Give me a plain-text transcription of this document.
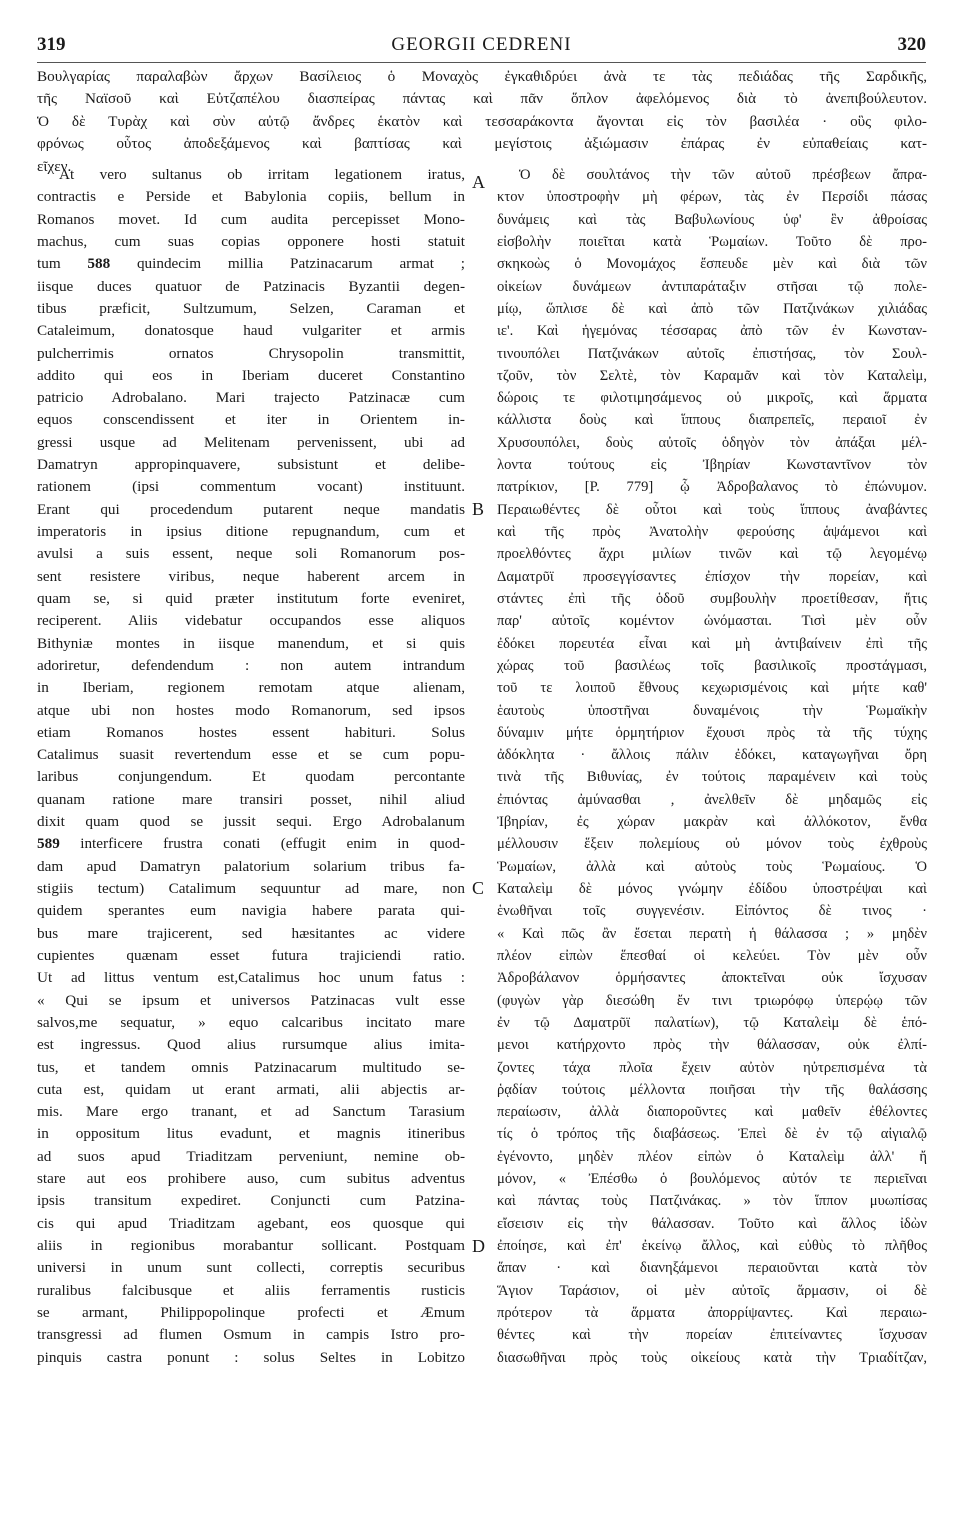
319	GEORGII CEDRENI	320
Βουλγαρίας παραλαβὼν ἄρχων Βασίλειος ὁ Μοναχὸς ἐγκαθιδρύει ἀνὰ τε τὰς πεδιάδας τῆς Σαρδικῆς,
τῆς Ναϊσοῦ καὶ Εὐτζαπέλου διασπείρας πάντας καὶ πᾶν ὅπλον ἀφελόμενος διὰ τὸ ἀνεπιβούλευτον.
Ὁ δὲ Τυρὰχ καὶ σὺν αὐτῷ ἄνδρες ἑκατὸν καὶ τεσσαράκοντα ἄγονται εἰς τὸν βασιλέα · οὓς φιλο-
φρόνως οὗτος ἀποδεξάμενος καὶ βαπτίσας καὶ μεγίστοις ἀξιώμασιν ἐπάρας ἐν εὐπαθείαις κατ-
εῖχεν.
At vero sultanus ob irritam legationem iratus,
contractis e Perside et Babylonia copiis, bellum in
Romanos movet. Id cum audita percepisset Mono-
machus, cum suas copias opponere hosti statuit
tum 588 quindecim millia Patzinacarum armat ;
iisque duces quatuor de Patzinacis Byzantii degen-
tibus præficit, Sultzumum, Selzen, Caraman et
Cataleimum, donatosque haud vulgariter et armis
pulcherrimis ornatos Chrysopolin transmittit,
addito qui eos in Iberiam duceret Constantino
patricio Adrobalano. Mari trajecto Patzinacæ cum
equos conscendissent et iter in Orientem in-
gressi usque ad Melitenam pervenissent, ubi ad
Damatryn appropinquavere, subsistunt et delibe-
rationem (ipsi commentum vocant) instituunt.
Erant qui procedendum putarent neque mandatis
imperatoris in ipsius ditione repugnandum, cum et
avulsi a suis essent, neque soli Romanorum pos-
sent resistere viribus, neque haberent arcem in
quam se, si quid præter institutum forte eveniret,
reciperent. Aliis videbatur occupandos esse aliquos
Bithyniæ montes in iisque manendum, et si quis
adoriretur, defendendum : non autem intrandum
in Iberiam, regionem remotam atque alienam,
atque ubi non hostes modo Romanorum, sed ipsos
etiam Romanos hostes essent habituri. Solus
Catalimus suasit revertendum esse et se cum popu-
laribus conjungendum. Et quodam percontante
quanam ratione mare transiri posset, nihil aliud
dixit quam quod se jussit sequi. Ergo Adrobalanum
589 interficere frustra conati (effugit enim in quod-
dam apud Damatryn palatorium solarium tribus fa-
stigiis tectum) Catalimum sequuntur ad mare, non
quidem sperantes eum navigia habere parata qui-
bus mare trajicerent, sed hæsitantes ac videre
cupientes quænam esset futura trajiciendi ratio.
Ut ad littus ventum est,Catalimus hoc unum fatus :
« Qui se ipsum et universos Patzinacas vult esse
salvos,me sequatur, » equo calcaribus incitato mare
est ingressus. Quod alius rursumque alius imita-
tus, et tandem omnis Patzinacarum multitudo se-
cuta est, quidam ut erant armati, alii abjectis ar-
mis. Mare ergo tranant, et ad Sanctum Tarasium
in oppositum litus evadunt, et magnis itineribus
ad suos apud Triaditzam perveniunt, nemine ob-
stare aut eos prohibere auso, cum subitus adventus
ipsis transitum expediret. Conjuncti cum Patzina-
cis qui apud Triaditzam agebant, eos quosque qui
aliis in regionibus morabantur sollicant. Postquam
universi in unum sunt collecti, correptis securibus
ruralibus falcibusque et aliis ferramentis rusticis
se armant, Philippopolinque profecti et Æmum
transgressi ad flumen Osmum in campis Istro pro-
pinquis castra ponunt : solus Seltes in Lobitzo
Ὁ δὲ σουλτάνος τὴν τῶν αὐτοῦ πρέσβεων ἄπρα-
κτον ὑποστροφὴν μὴ φέρων, τὰς ἐν Περσίδι πάσας
δυνάμεις καὶ τὰς Βαβυλωνίους ὑφ' ἓν ἀθροίσας
εἰσβολὴν ποιεῖται κατὰ Ῥωμαίων. Τοῦτο δὲ προ-
σκηκοὼς ὁ Μονομάχος ἔσπευδε μὲν καὶ διὰ τῶν
οἰκείων δυνάμεων ἀντιπαράταξιν στῆσαι τῷ πολε-
μίῳ, ὥπλισε δὲ καὶ ἀπὸ τῶν Πατζινάκων χιλιάδας
ιε'. Καὶ ἡγεμόνας τέσσαρας ἀπὸ τῶν ἐν Κωνσταν-
τινουπόλει Πατζινάκων αὐτοῖς ἐπιστήσας, τὸν Σουλ-
τζοῦν, τὸν Σελτὲ, τὸν Καραμᾶν καὶ τὸν Καταλεὶμ,
δώροις τε φιλοτιμησάμενος οὐ μικροῖς, καὶ ἅρματα
κάλλιστα δοὺς καὶ ἵππους διαπρεπεῖς, περαιοῖ ἐν
Χρυσουπόλει, δοὺς αὐτοῖς ὁδηγὸν τὸν ἀπάξαι μέλ-
λοντα τούτους εἰς Ἰβηρίαν Κωνσταντῖνον τὸν
πατρίκιον, [P. 779] ᾧ Ἀδροβαλανος τὸ ἐπώνυμον.
Περαιωθέντες δὲ οὗτοι καὶ τοὺς ἵππους ἀναβάντες
καὶ τῆς πρὸς Ἀνατολὴν φερούσης ἁψάμενοι καὶ
προελθόντες ἄχρι μιλίων τινῶν καὶ τῷ λεγομένῳ
Δαματρῦϊ προσεγγίσαντες ἐπίσχον τὴν πορείαν, καὶ
στάντες ἐπὶ τῆς ὁδοῦ συμβουλὴν προετίθεσαν, ἥτις
παρ' αὐτοῖς κομέντον ὠνόμασται. Τισὶ μὲν οὖν
ἐδόκει πορευτέα εἶναι καὶ μὴ ἀντιβαίνειν ἐπὶ τῆς
χώρας τοῦ βασιλέως τοῖς βασιλικοῖς προστάγμασι,
τοῦ τε λοιποῦ ἔθνους κεχωρισμένοις καὶ μήτε καθ'
ἑαυτοὺς ὑποστῆναι δυναμένοις τὴν Ῥωμαϊκὴν
δύναμιν μήτε ὁρμητήριον ἔχουσι πρὸς τὰ τῆς τύχης
ἀδόκλητα · ἄλλοις πάλιν ἐδόκει, καταγωγῆναι ὄρη
τινὰ τῆς Βιθυνίας, ἐν τούτοις παραμένειν καὶ τοὺς
ἐπιόντας ἀμύνασθαι , ἀνελθεῖν δὲ μηδαμῶς εἰς
Ἰβηρίαν, ἐς χώραν μακρὰν καὶ ἀλλόκοτον, ἔνθα
μέλλουσιν ἕξειν πολεμίους οὐ μόνον τοὺς ἐχθροὺς
Ῥωμαίων, ἀλλὰ καὶ αὐτοὺς τοὺς Ῥωμαίους. Ὁ
Καταλεὶμ δὲ μόνος γνώμην ἐδίδου ὑποστρέψαι καὶ
ἑνωθῆναι τοῖς συγγενέσιν. Εἰπόντος δὲ τινος ·
« Καὶ πῶς ἂν ἔσεται περατὴ ἡ θάλασσα ; » μηδὲν
πλέον εἰπὼν ἕπεσθαί οἱ κελεύει. Τὸν μὲν οὖν
Ἀδροβάλανον ὁρμήσαντες ἀποκτεῖναι οὐκ ἴσχυσαν
(φυγὼν γὰρ διεσώθη ἔν τινι τριωρόφῳ ὑπερῴῳ τῶν
ἐν τῷ Δαματρῦϊ παλατίων), τῷ Καταλεὶμ δὲ ἑπό-
μενοι κατήρχοντο πρὸς τὴν θάλασσαν, οὐκ ἐλπί-
ζοντες τάχα πλοῖα ἔχειν αὐτὸν ηὐτρεπισμένα τὰ
ῥᾳδίαν τούτοις μέλλοντα ποιῆσαι τὴν τῆς θαλάσσης
περαίωσιν, ἀλλὰ διαποροῦντες καὶ μαθεῖν ἐθέλοντες
τίς ὁ τρόπος τῆς διαβάσεως. Ἐπεὶ δὲ ἐν τῷ αἰγιαλῷ
ἐγένοντο, μηδὲν πλέον εἰπὼν ὁ Καταλεὶμ ἀλλ' ἤ
μόνον, « Ἐπέσθω ὁ βουλόμενος αὐτόν τε περιεῖναι
καὶ πάντας τοὺς Πατζινάκας. » τὸν ἵππον μυωπίσας
εἴσεισιν εἰς τὴν θάλασσαν. Τοῦτο καὶ ἄλλος ἰδὼν
ἐποίησε, καὶ ἐπ' ἐκείνῳ ἄλλος, καὶ εὐθὺς τὸ πλῆθος
ἅπαν · καὶ διανηξάμενοι περαιοῦνται κατὰ τὸν
Ἅγιον Ταράσιον, οἱ μὲν αὐτοῖς ἅρμασιν, οἱ δὲ
πρότερον τὰ ἅρματα ἀπορρίψαντες. Καὶ περαιω-
θέντες καὶ τὴν πορείαν ἐπιτείναντες ἴσχυσαν
διασωθῆναι πρὸς τοὺς οἰκείους κατὰ τὴν Τριαδίτζαν,
A
B
C
D
